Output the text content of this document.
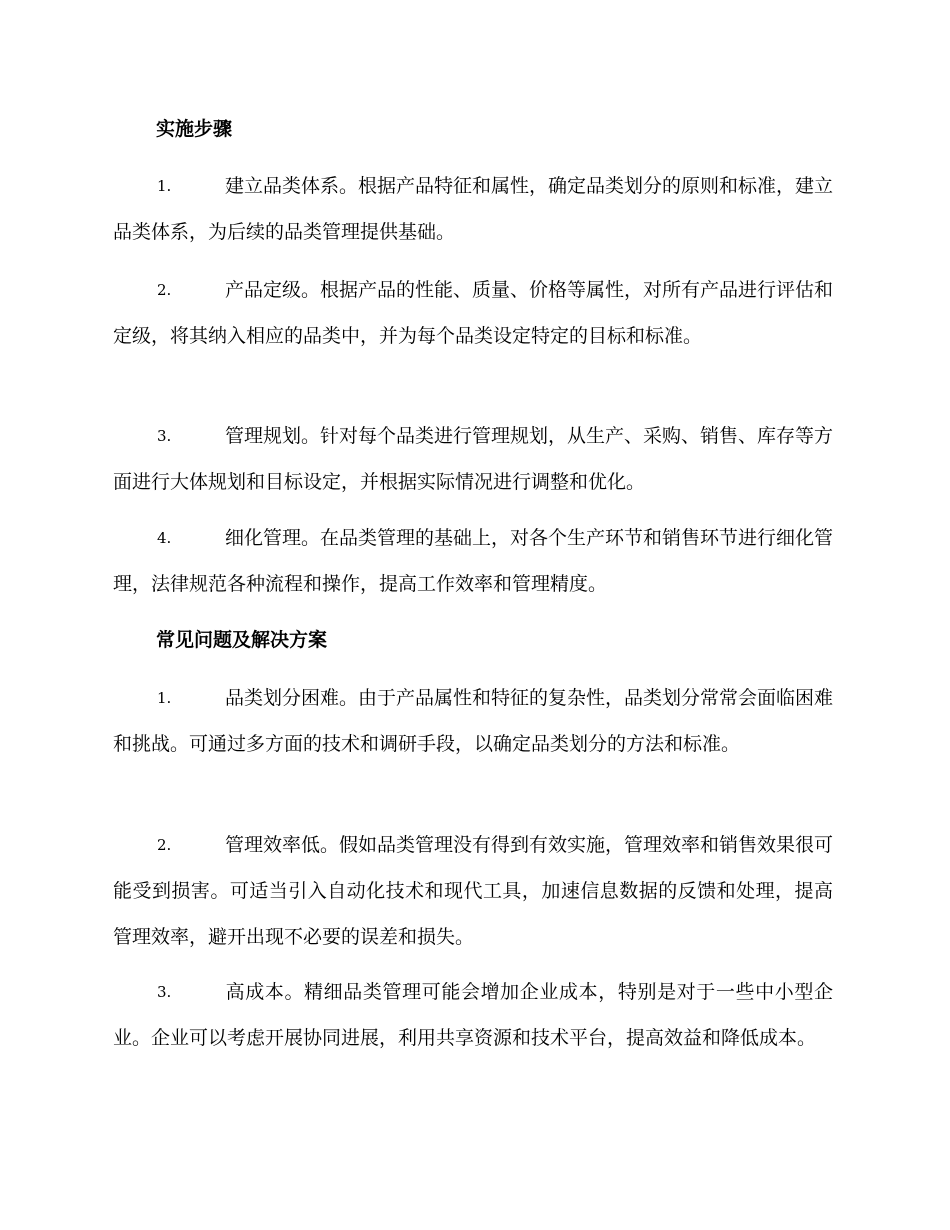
实施步骤
1.	建立品类体系。根据产品特征和属性，确定品类划分的原则和标准，建立品类体系，为后续的品类管理提供基础。
2.	产品定级。根据产品的性能、质量、价格等属性，对所有产品进行评估和定级，将其纳入相应的品类中，并为每个品类设定特定的目标和标准。
3.	管理规划。针对每个品类进行管理规划，从生产、采购、销售、库存等方面进行大体规划和目标设定，并根据实际情况进行调整和优化。
4.	细化管理。在品类管理的基础上，对各个生产环节和销售环节进行细化管理，法律规范各种流程和操作，提高工作效率和管理精度。
常见问题及解决方案
1.	品类划分困难。由于产品属性和特征的复杂性，品类划分常常会面临困难和挑战。可通过多方面的技术和调研手段，以确定品类划分的方法和标准。
2.	管理效率低。假如品类管理没有得到有效实施，管理效率和销售效果很可能受到损害。可适当引入自动化技术和现代工具，加速信息数据的反馈和处理，提高管理效率，避开出现不必要的误差和损失。
3.	高成本。精细品类管理可能会增加企业成本，特别是对于一些中小型企业。企业可以考虑开展协同进展，利用共享资源和技术平台，提高效益和降低成本。
